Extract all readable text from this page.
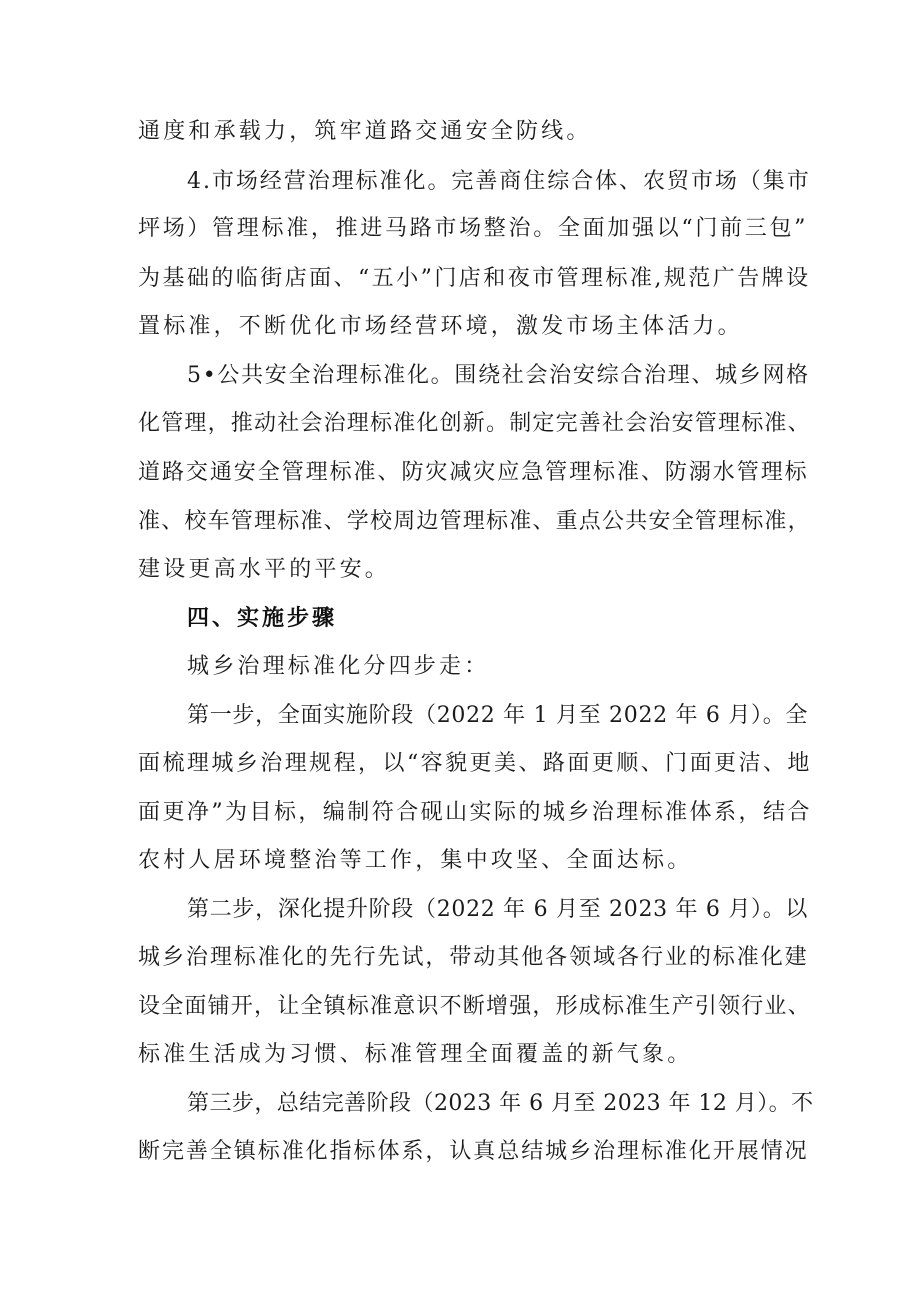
通度和承载力，筑牢道路交通安全防线。
4.市场经营治理标准化。完善商住综合体、农贸市场（集市
坪场）管理标准，推进马路市场整治。全面加强以“门前三包”
为基础的临街店面、“五小”门店和夜市管理标准,规范广告牌设
置标准，不断优化市场经营环境，激发市场主体活力。
5•公共安全治理标准化。围绕社会治安综合治理、城乡网格
化管理，推动社会治理标准化创新。制定完善社会治安管理标准、
道路交通安全管理标准、防灾减灾应急管理标准、防溺水管理标
准、校车管理标准、学校周边管理标准、重点公共安全管理标准，
建设更高水平的平安。
四、实施步骤
城乡治理标准化分四步走：
第一步，全面实施阶段（2022 年 1 月至 2022 年 6 月）。全
面梳理城乡治理规程，以“容貌更美、路面更顺、门面更洁、地
面更净”为目标，编制符合砚山实际的城乡治理标准体系，结合
农村人居环境整治等工作，集中攻坚、全面达标。
第二步，深化提升阶段（2022 年 6 月至 2023 年 6 月）。以
城乡治理标准化的先行先试，带动其他各领域各行业的标准化建
设全面铺开，让全镇标准意识不断增强，形成标准生产引领行业、
标准生活成为习惯、标准管理全面覆盖的新气象。
第三步，总结完善阶段（2023 年 6 月至 2023 年 12 月）。不
断完善全镇标准化指标体系，认真总结城乡治理标准化开展情况
